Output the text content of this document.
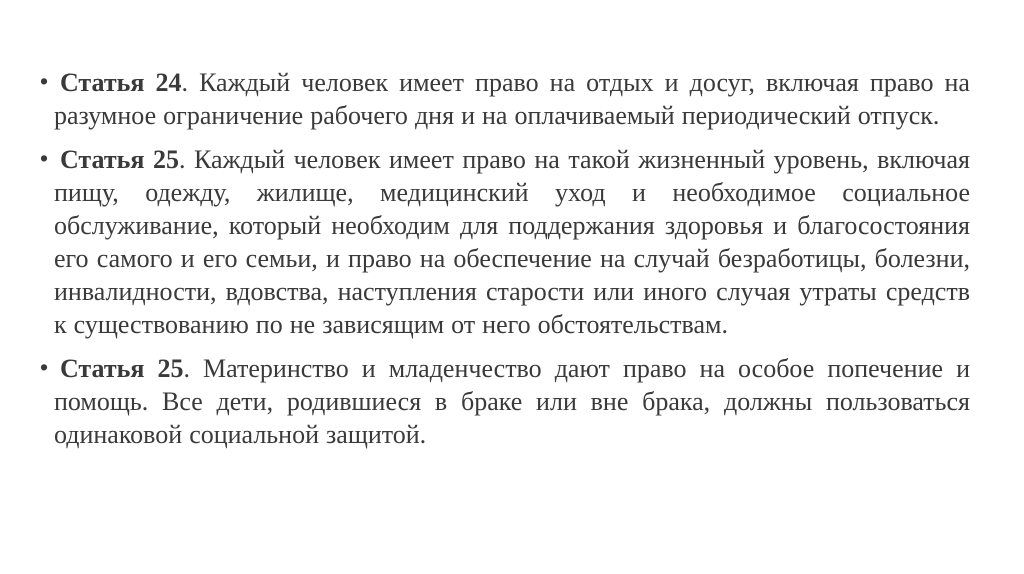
• Статья 24. Каждый человек имеет право на отдых и досуг, включая право на разумное ограничение рабочего дня и на оплачиваемый периодический отпуск.

• Статья 25. Каждый человек имеет право на такой жизненный уровень, включая пищу, одежду, жилище, медицинский уход и необходимое социальное обслуживание, который необходим для поддержания здоровья и благосостояния его самого и его семьи, и право на обеспечение на случай безработицы, болезни, инвалидности, вдовства, наступления старости или иного случая утраты средств к существованию по не зависящим от него обстоятельствам.

• Статья 25. Материнство и младенчество дают право на особое попечение и помощь. Все дети, родившиеся в браке или вне брака, должны пользоваться одинаковой социальной защитой.
